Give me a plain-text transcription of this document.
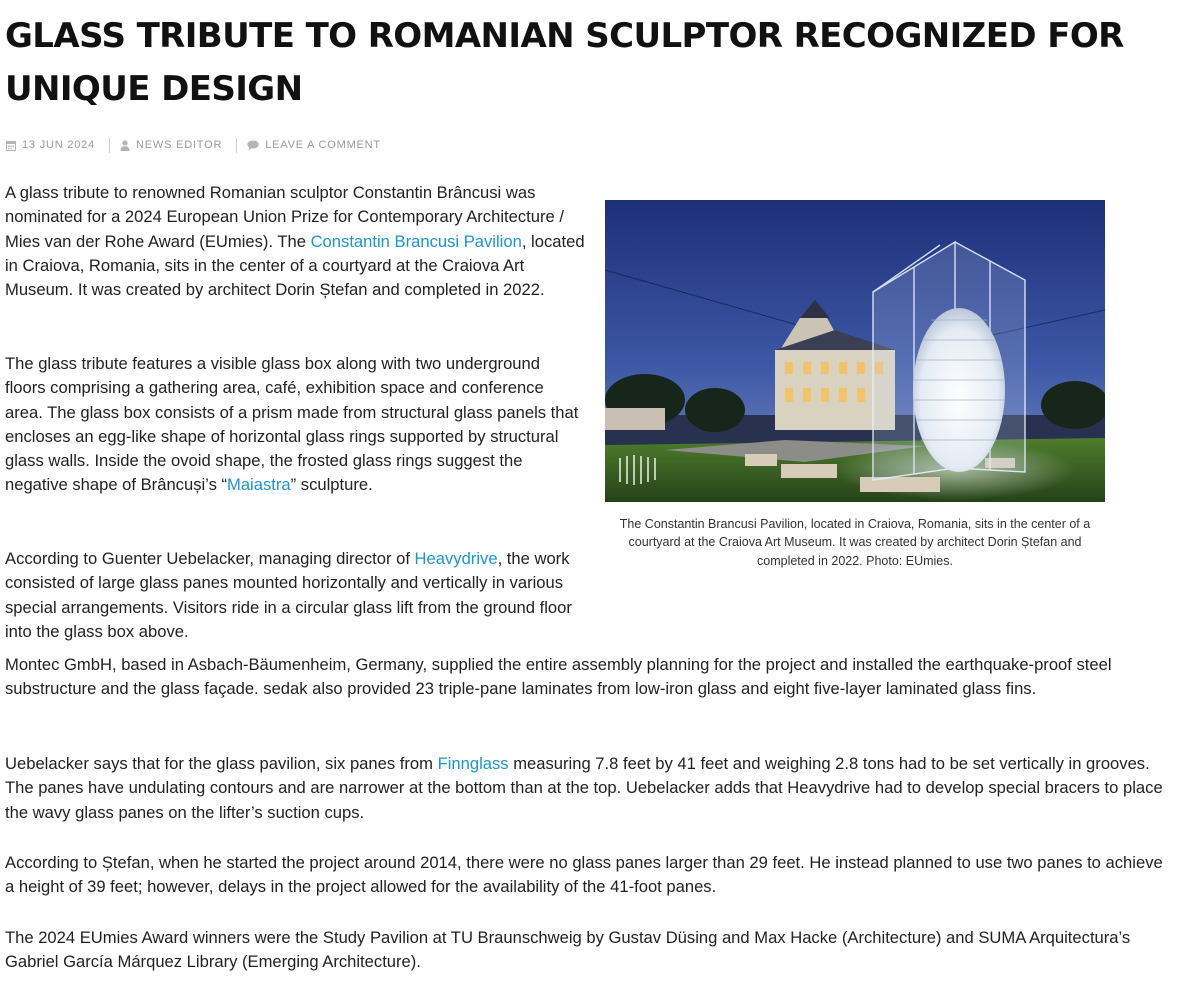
GLASS TRIBUTE TO ROMANIAN SCULPTOR RECOGNIZED FOR UNIQUE DESIGN
13 JUN 2024	NEWS EDITOR	LEAVE A COMMENT

A glass tribute to renowned Romanian sculptor Constantin Brâncusi was nominated for a 2024 European Union Prize for Contemporary Architecture / Mies van der Rohe Award (EUmies). The Constantin Brancusi Pavilion, located in Craiova, Romania, sits in the center of a courtyard at the Craiova Art Museum. It was created by architect Dorin Ștefan and completed in 2022.

The glass tribute features a visible glass box along with two underground floors comprising a gathering area, café, exhibition space and conference area. The glass box consists of a prism made from structural glass panels that encloses an egg-like shape of horizontal glass rings supported by structural glass walls. Inside the ovoid shape, the frosted glass rings suggest the negative shape of Brâncuși’s “Maiastra” sculpture.

According to Guenter Uebelacker, managing director of Heavydrive, the work consisted of large glass panes mounted horizontally and vertically in various special arrangements. Visitors ride in a circular glass lift from the ground floor into the glass box above.

Montec GmbH, based in Asbach-Bäumenheim, Germany, supplied the entire assembly planning for the project and installed the earthquake-proof steel substructure and the glass façade. sedak also provided 23 triple-pane laminates from low-iron glass and eight five-layer laminated glass fins.

Uebelacker says that for the glass pavilion, six panes from Finnglass measuring 7.8 feet by 41 feet and weighing 2.8 tons had to be set vertically in grooves. The panes have undulating contours and are narrower at the bottom than at the top. Uebelacker adds that Heavydrive had to develop special bracers to place the wavy glass panes on the lifter’s suction cups.

According to Ștefan, when he started the project around 2014, there were no glass panes larger than 29 feet. He instead planned to use two panes to achieve a height of 39 feet; however, delays in the project allowed for the availability of the 41-foot panes.

The 2024 EUmies Award winners were the Study Pavilion at TU Braunschweig by Gustav Düsing and Max Hacke (Architecture) and SUMA Arquitectura’s Gabriel García Márquez Library (Emerging Architecture).

The Constantin Brancusi Pavilion, located in Craiova, Romania, sits in the center of a courtyard at the Craiova Art Museum. It was created by architect Dorin Ștefan and completed in 2022. Photo: EUmies.
